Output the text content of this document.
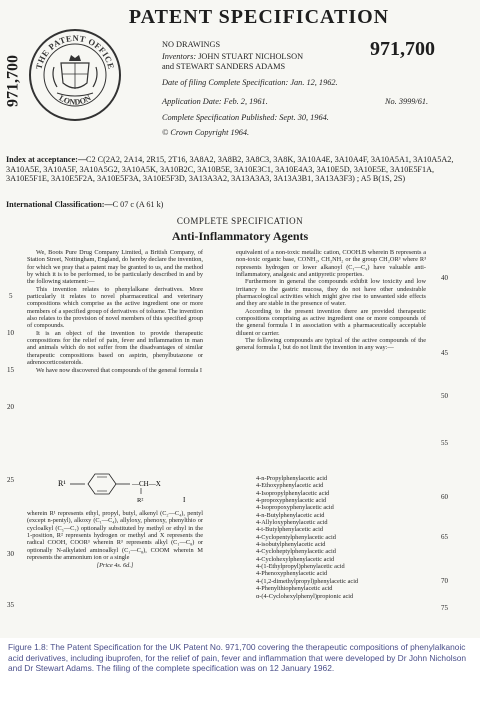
971,700 THE PATENT OFFICE
LONDON
PATENT SPECIFICATION
971,700
NO DRAWINGS
Inventors: JOHN STUART NICHOLSON
and STEWART SANDERS ADAMS
Date of filing Complete Specification: Jan. 12, 1962.
Application Date: Feb. 2, 1961.	No. 3999/61.
Complete Specification Published: Sept. 30, 1964.
© Crown Copyright 1964.
Index at acceptance:—C2 C(2A2, 2A14, 2R15, 2T16, 3A8A2, 3A8B2, 3A8C3, 3A8K, 3A10A4E, 3A10A4F, 3A10A5A1, 3A10A5A2, 3A10A5E, 3A10A5F, 3A10A5G2, 3A10A5K, 3A10B2C, 3A10B5E, 3A10E3C1, 3A10E4A3, 3A10E5D, 3A10E5E, 3A10E5F1A, 3A10E5F1E, 3A10E5F2A, 3A10E5F3A, 3A10E5F3D, 3A13A3A2, 3A13A3A3, 3A13A3B1, 3A13A3F3) ; A5 B(1S, 2S)
International Classification:—C 07 c (A 61 k)
COMPLETE SPECIFICATION
Anti-Inflammatory Agents

We, Boots Pure Drug Company Limited, a British Company, of Station Street, Nottingham, England, do hereby declare the invention, for which we pray that a patent may be granted to us, and the method by which it is to be performed, to be particularly described in and by the following statement:—

This invention relates to phenylalkane derivatives. More particularly it relates to novel pharmaceutical and veterinary compositions which comprise as the active ingredient one or more members of a specified group of derivatives of toluene. The invention also relates to the provision of novel members of this specified group of compounds.

It is an object of the invention to provide therapeutic compositions for the relief of pain, fever and inflammation in man and animals which do not suffer from the disadvantages of similar therapeutic compositions based on aspirin, phenylbutazone or adrenocorticosteroids.

We have now discovered that compounds of the general formula I

R¹	—CH—X
R²	I

wherein R¹ represents ethyl, propyl, butyl, alkenyl (C₂—C₄), pentyl (except n-pentyl), alkoxy (C₁—C₄), allyloxy, phenoxy, phenylthio or cycloalkyl (C₅—C₇) optionally substituted by methyl or ethyl in the 1-position, R² represents hydrogen or methyl and X represents the radical COOH, COOR³ wherein R³ represents alkyl (C₁—C₈) or optionally N-alkylated aminoalkyl (C₁—C₈), COOM wherein M represents the ammonium ion or a single

[Price 4s. 6d.]

equivalent of a non-toxic metallic cation, COOH.B wherein B represents a non-toxic organic base, CONH₂, CH₂NH₂ or the group CH₂OR³ where R³ represents hydrogen or lower alkanoyl (C₁—C₄) have valuable anti-inflammatory, analgesic and antipyretic properties.

Furthermore in general the compounds exhibit low toxicity and low irritancy to the gastric mucosa, they do not have other undesirable pharmacological activities which might give rise to unwanted side effects and they are stable in the presence of water.

According to the present invention there are provided therapeutic compositions comprising as active ingredient one or more compounds of the general formula I in association with a pharmaceutically acceptable diluent or carrier.

The following compounds are typical of the active compounds of the general formula I, but do not limit the invention in any way:—

4-n-Propylphenylacetic acid
4-Ethoxyphenylacetic acid
4-Isopropylphenylacetic acid
4-propoxyphenylacetic acid
4-Isopropoxyphenylacetic acid
4-n-Butylphenylacetic acid
4-Allyloxyphenylacetic acid
4-t-Butylphenylacetic acid
4-Cyclopentylphenylacetic acid
4-isobutylphenylacetic acid
4-Cycloheptylphenylacetic acid
4-Cyclohexylphenylacetic acid
4-(1-Ethylpropyl)phenylacetic acid
4-Phenoxyphenylacetic acid
4-(1,2-dimethylpropyl)phenylacetic acid
4-Phenylthiophenylacetic acid
α-(4-Cyclohexylphenyl)propionic acid
5
10
15
20
25
30
35
40
45
50
55
60
65
70
75
Figure 1.8: The Patent Specification for the UK Patent No. 971,700 covering the therapeutic compositions of phenylalkanoic acid derivatives, including ibuprofen, for the relief of pain, fever and inflammation that were developed by Dr John Nicholson and Dr Stewart Adams. The filing of the complete specification was on 12 January 1962.
